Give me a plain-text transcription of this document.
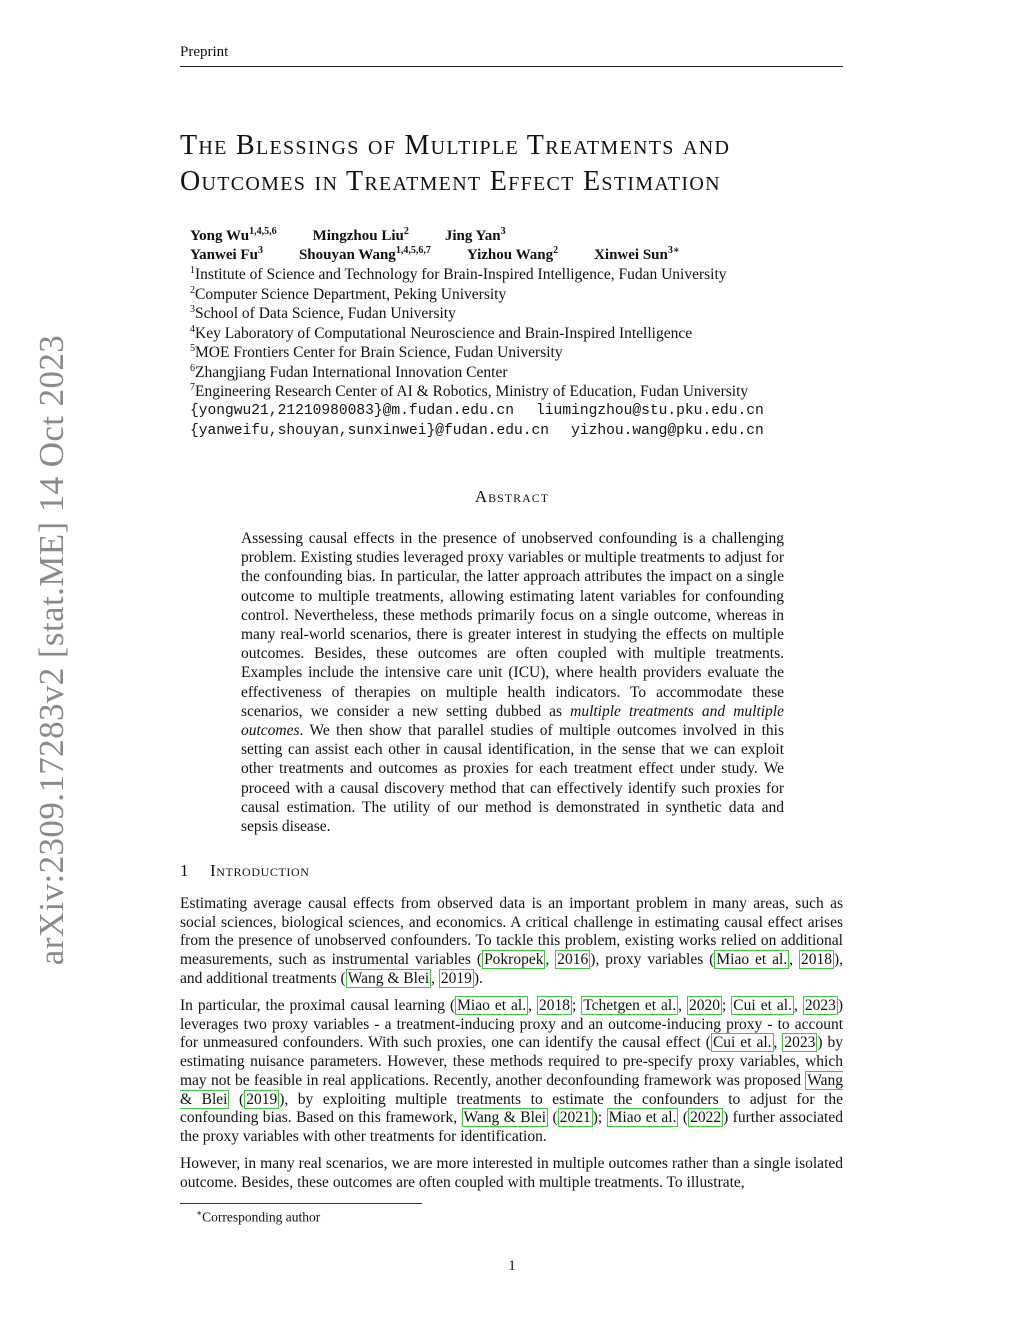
Preprint
arXiv:2309.17283v2 [stat.ME] 14 Oct 2023
The Blessings of Multiple Treatments and
Outcomes in Treatment Effect Estimation
Yong Wu$^{1,4,5,6}$ Mingzhou Liu$^2$ Jing Yan$^3$
Yanwei Fu$^3$ Shouyan Wang$^{1,4,5,6,7}$ Yizhou Wang$^2$ Xinwei Sun$^{3∗}$
$^1$Institute of Science and Technology for Brain-Inspired Intelligence, Fudan University
$^2$Computer Science Department, Peking University
$^3$School of Data Science, Fudan University
$^4$Key Laboratory of Computational Neuroscience and Brain-Inspired Intelligence
$^5$MOE Frontiers Center for Brain Science, Fudan University
$^6$Zhangjiang Fudan International Innovation Center
$^7$Engineering Research Center of AI & Robotics, Ministry of Education, Fudan University
{yongwu21,21210980083}@m.fudan.edu.cn liumingzhou@stu.pku.edu.cn
{yanweifu,shouyan,sunxinwei}@fudan.edu.cn yizhou.wang@pku.edu.cn
Abstract
Assessing causal effects in the presence of unobserved confounding is a challenging problem. Existing studies leveraged proxy variables or multiple treatments to adjust for the confounding bias. In particular, the latter approach attributes the impact on a single outcome to multiple treatments, allowing estimating latent variables for confounding control. Nevertheless, these methods primarily focus on a single outcome, whereas in many real-world scenarios, there is greater interest in studying the effects on multiple outcomes. Besides, these outcomes are often coupled with multiple treatments. Examples include the intensive care unit (ICU), where health providers evaluate the effectiveness of therapies on multiple health indicators. To accommodate these scenarios, we consider a new setting dubbed as multiple treatments and multiple outcomes. We then show that parallel studies of multiple outcomes involved in this setting can assist each other in causal identification, in the sense that we can exploit other treatments and outcomes as proxies for each treatment effect under study. We proceed with a causal discovery method that can effectively identify such proxies for causal estimation. The utility of our method is demonstrated in synthetic data and sepsis disease.
1 Introduction
Estimating average causal effects from observed data is an important problem in many areas, such as social sciences, biological sciences, and economics. A critical challenge in estimating causal effect arises from the presence of unobserved confounders. To tackle this problem, existing works relied on additional measurements, such as instrumental variables ( Pokropek , 2016 ), proxy variables ( Miao et al. , 2018 ), and additional treatments ( Wang & Blei , 2019 ).
In particular, the proximal causal learning ( Miao et al. , 2018 ; Tchetgen et al. , 2020 ; Cui et al. , 2023 ) leverages two proxy variables - a treatment-inducing proxy and an outcome-inducing proxy - to account for unmeasured confounders. With such proxies, one can identify the causal effect ( Cui et al. , 2023 ) by estimating nuisance parameters. However, these methods required to pre-specify proxy variables, which may not be feasible in real applications. Recently, another deconfounding framework was proposed Wang & Blei ( 2019 ), by exploiting multiple treatments to estimate the confounders to adjust for the confounding bias. Based on this framework, Wang & Blei ( 2021 ); Miao et al. ( 2022 ) further associated the proxy variables with other treatments for identification.
However, in many real scenarios, we are more interested in multiple outcomes rather than a single isolated outcome. Besides, these outcomes are often coupled with multiple treatments. To illustrate,
∗Corresponding author
1
